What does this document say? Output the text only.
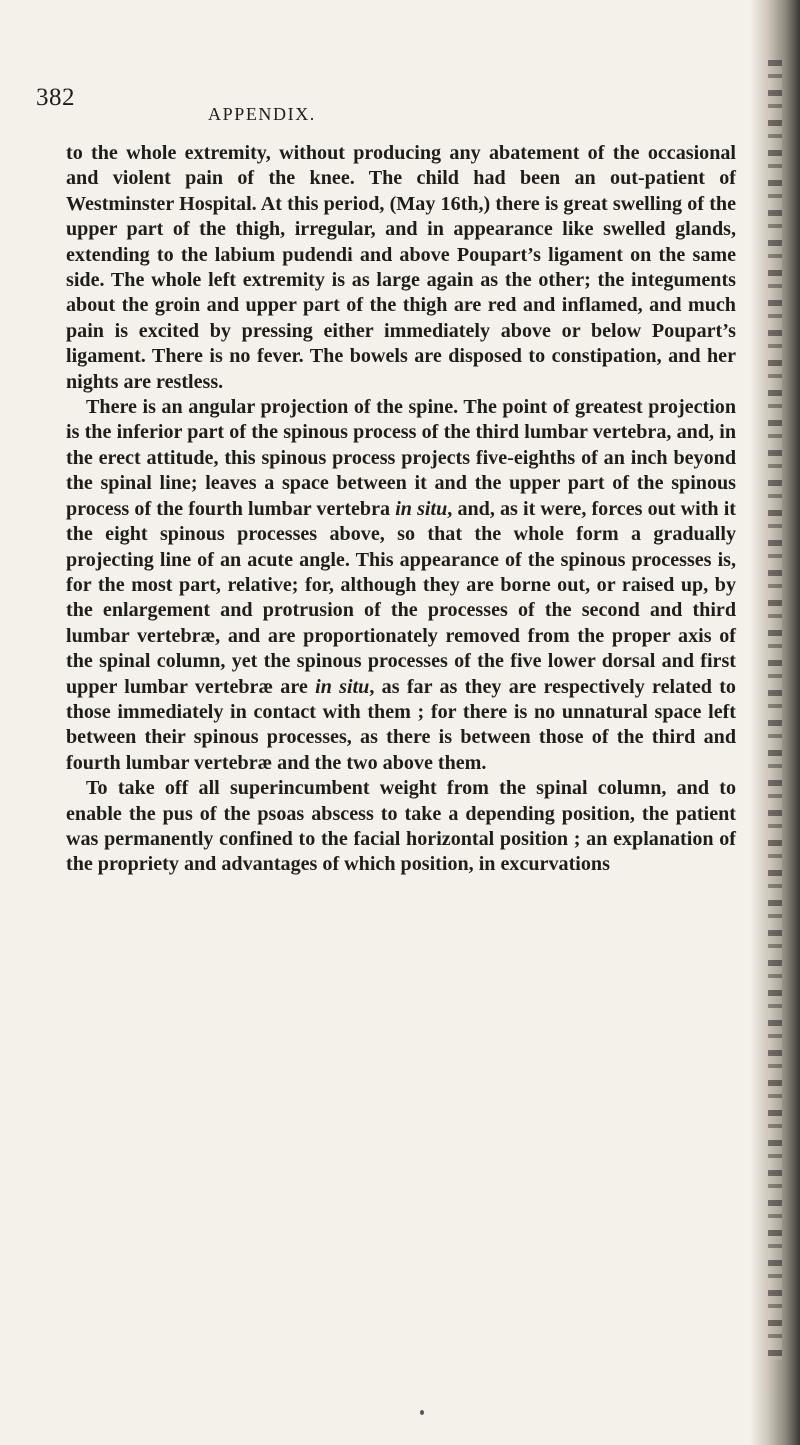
382
APPENDIX.

to the whole extremity, without producing any abatement of the occasional and violent pain of the knee. The child had been an out-patient of Westminster Hospital. At this period, (May 16th,) there is great swelling of the upper part of the thigh, irregular, and in appearance like swelled glands, extending to the labium pudendi and above Poupart’s ligament on the same side. The whole left extremity is as large again as the other; the integuments about the groin and upper part of the thigh are red and inflamed, and much pain is excited by pressing either immediately above or below Poupart’s ligament. There is no fever. The bowels are disposed to constipation, and her nights are restless.

There is an angular projection of the spine. The point of greatest projection is the inferior part of the spinous process of the third lumbar vertebra, and, in the erect attitude, this spinous process projects five-eighths of an inch beyond the spinal line; leaves a space between it and the upper part of the spinous process of the fourth lumbar vertebra in situ, and, as it were, forces out with it the eight spinous processes above, so that the whole form a gradually projecting line of an acute angle. This appearance of the spinous processes is, for the most part, relative; for, although they are borne out, or raised up, by the enlargement and protrusion of the processes of the second and third lumbar vertebræ, and are proportionately removed from the proper axis of the spinal column, yet the spinous processes of the five lower dorsal and first upper lumbar vertebræ are in situ, as far as they are respectively related to those immediately in contact with them ; for there is no unnatural space left between their spinous processes, as there is between those of the third and fourth lumbar vertebræ and the two above them.

To take off all superincumbent weight from the spinal column, and to enable the pus of the psoas abscess to take a depending position, the patient was permanently confined to the facial horizontal position ; an explanation of the propriety and advantages of which position, in excurvations
